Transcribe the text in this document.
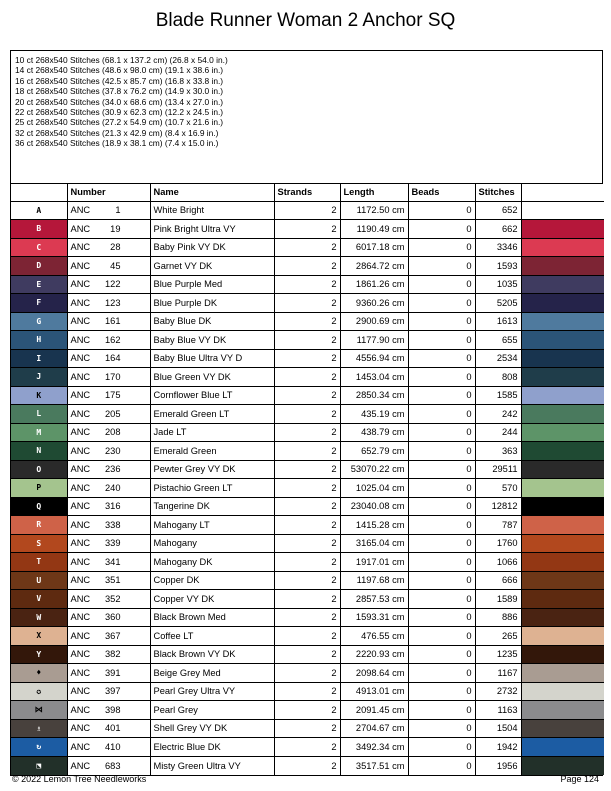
Blade Runner Woman 2 Anchor SQ
10 ct 268x540 Stitches (68.1 x 137.2 cm) (26.8 x 54.0 in.)
14 ct 268x540 Stitches (48.6 x 98.0 cm) (19.1 x 38.6 in.)
16 ct 268x540 Stitches (42.5 x 85.7 cm) (16.8 x 33.8 in.)
18 ct 268x540 Stitches (37.8 x 76.2 cm) (14.9 x 30.0 in.)
20 ct 268x540 Stitches (34.0 x 68.6 cm) (13.4 x 27.0 in.)
22 ct 268x540 Stitches (30.9 x 62.3 cm) (12.2 x 24.5 in.)
25 ct 268x540 Stitches (27.2 x 54.9 cm) (10.7 x 21.6 in.)
32 ct 268x540 Stitches (21.3 x 42.9 cm) (8.4 x 16.9 in.)
36 ct 268x540 Stitches (18.9 x 38.1 cm) (7.4 x 15.0 in.)
	Number	Name	Strands	Length	Beads	Stitches	
A	ANC 1	White Bright	2	1172.50 cm	0	652	
B	ANC 19	Pink Bright Ultra VY	2	1190.49 cm	0	662	
C	ANC 28	Baby Pink VY DK	2	6017.18 cm	0	3346	
D	ANC 45	Garnet VY DK	2	2864.72 cm	0	1593	
E	ANC 122	Blue Purple Med	2	1861.26 cm	0	1035	
F	ANC 123	Blue Purple DK	2	9360.26 cm	0	5205	
G	ANC 161	Baby Blue DK	2	2900.69 cm	0	1613	
H	ANC 162	Baby Blue VY DK	2	1177.90 cm	0	655	
I	ANC 164	Baby Blue Ultra VY D	2	4556.94 cm	0	2534	
J	ANC 170	Blue Green VY DK	2	1453.04 cm	0	808	
K	ANC 175	Cornflower Blue LT	2	2850.34 cm	0	1585	
L	ANC 205	Emerald Green LT	2	435.19 cm	0	242	
M	ANC 208	Jade LT	2	438.79 cm	0	244	
N	ANC 230	Emerald Green	2	652.79 cm	0	363	
O	ANC 236	Pewter Grey VY DK	2	53070.22 cm	0	29511	
P	ANC 240	Pistachio Green LT	2	1025.04 cm	0	570	
Q	ANC 316	Tangerine DK	2	23040.08 cm	0	12812	
R	ANC 338	Mahogany LT	2	1415.28 cm	0	787	
S	ANC 339	Mahogany	2	3165.04 cm	0	1760	
T	ANC 341	Mahogany DK	2	1917.01 cm	0	1066	
U	ANC 351	Copper DK	2	1197.68 cm	0	666	
V	ANC 352	Copper VY DK	2	2857.53 cm	0	1589	
W	ANC 360	Black Brown Med	2	1593.31 cm	0	886	
X	ANC 367	Coffee LT	2	476.55 cm	0	265	
Y	ANC 382	Black Brown VY DK	2	2220.93 cm	0	1235	
♦	ANC 391	Beige Grey Med	2	2098.64 cm	0	1167	
✪	ANC 397	Pearl Grey Ultra VY	2	4913.01 cm	0	2732	
⋈	ANC 398	Pearl Grey	2	2091.45 cm	0	1163	
♗	ANC 401	Shell Grey VY DK	2	2704.67 cm	0	1504	
↻	ANC 410	Electric Blue DK	2	3492.34 cm	0	1942	
⬔	ANC 683	Misty Green Ultra VY	2	3517.51 cm	0	1956	
© 2022 Lemon Tree Needleworks	Page 124
